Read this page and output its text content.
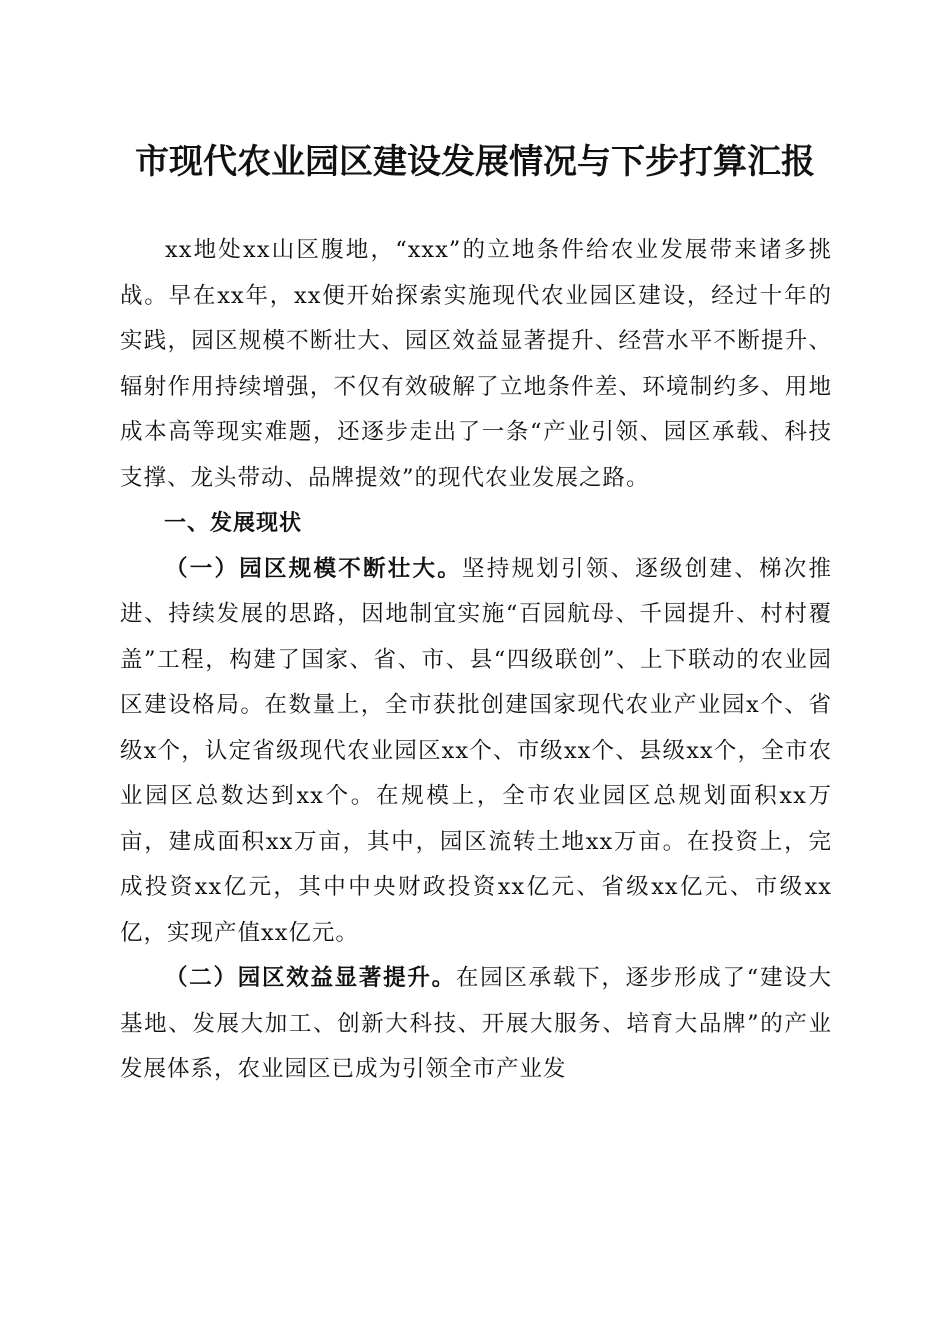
市现代农业园区建设发展情况与下步打算汇报

xx地处xx山区腹地，“xxx”的立地条件给农业发展带来诸多挑战。早在xx年，xx便开始探索实施现代农业园区建设，经过十年的实践，园区规模不断壮大、园区效益显著提升、经营水平不断提升、辐射作用持续增强，不仅有效破解了立地条件差、环境制约多、用地成本高等现实难题，还逐步走出了一条“产业引领、园区承载、科技支撑、龙头带动、品牌提效”的现代农业发展之路。

一、发展现状

（一）园区规模不断壮大。坚持规划引领、逐级创建、梯次推进、持续发展的思路，因地制宜实施“百园航母、千园提升、村村覆盖”工程，构建了国家、省、市、县“四级联创”、上下联动的农业园区建设格局。在数量上，全市获批创建国家现代农业产业园x个、省级x个，认定省级现代农业园区xx个、市级xx个、县级xx个，全市农业园区总数达到xx个。在规模上，全市农业园区总规划面积xx万亩，建成面积xx万亩，其中，园区流转土地xx万亩。在投资上，完成投资xx亿元，其中中央财政投资xx亿元、省级xx亿元、市级xx亿，实现产值xx亿元。

（二）园区效益显著提升。在园区承载下，逐步形成了“建设大基地、发展大加工、创新大科技、开展大服务、培育大品牌”的产业发展体系，农业园区已成为引领全市产业发
